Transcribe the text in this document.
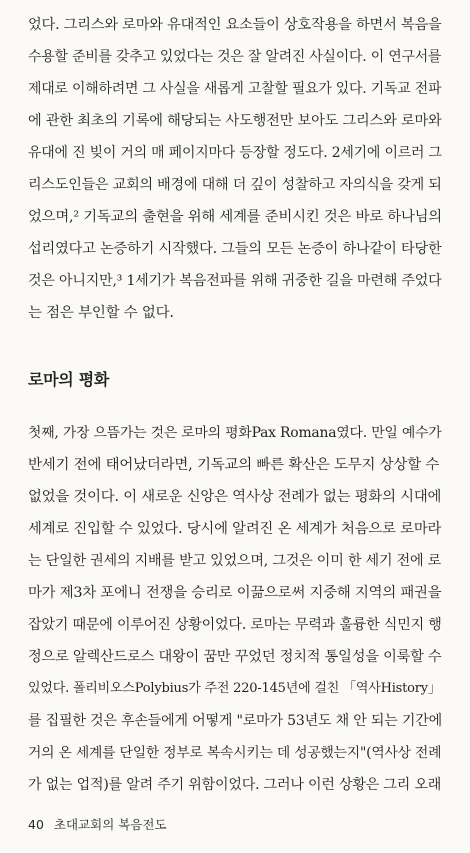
었다. 그리스와 로마와 유대적인 요소들이 상호작용을 하면서 복음을
수용할 준비를 갖추고 있었다는 것은 잘 알려진 사실이다. 이 연구서를
제대로 이해하려면 그 사실을 새롭게 고찰할 필요가 있다. 기독교 전파
에 관한 최초의 기록에 해당되는 사도행전만 보아도 그리스와 로마와
유대에 진 빚이 거의 매 페이지마다 등장할 정도다. 2세기에 이르러 그
리스도인들은 교회의 배경에 대해 더 깊이 성찰하고 자의식을 갖게 되
었으며,² 기독교의 출현을 위해 세계를 준비시킨 것은 바로 하나님의
섭리였다고 논증하기 시작했다. 그들의 모든 논증이 하나같이 타당한
것은 아니지만,³ 1세기가 복음전파를 위해 귀중한 길을 마련해 주었다
는 점은 부인할 수 없다.
로마의 평화
첫째, 가장 으뜸가는 것은 로마의 평화Pax Romana였다. 만일 예수가
반세기 전에 태어났더라면, 기독교의 빠른 확산은 도무지 상상할 수
없었을 것이다. 이 새로운 신앙은 역사상 전례가 없는 평화의 시대에
세계로 진입할 수 있었다. 당시에 알려진 온 세계가 처음으로 로마라
는 단일한 권세의 지배를 받고 있었으며, 그것은 이미 한 세기 전에 로
마가 제3차 포에니 전쟁을 승리로 이끎으로써 지중해 지역의 패권을
잡았기 때문에 이루어진 상황이었다. 로마는 무력과 훌륭한 식민지 행
정으로 알렉산드로스 대왕이 꿈만 꾸었던 정치적 통일성을 이룩할 수
있었다. 폴리비오스Polybius가 주전 220-145년에 걸친 「역사History」
를 집필한 것은 후손들에게 어떻게 "로마가 53년도 채 안 되는 기간에
거의 온 세계를 단일한 정부로 복속시키는 데 성공했는지"(역사상 전례
가 없는 업적)를 알려 주기 위함이었다. 그러나 이런 상황은 그리 오래
40 초대교회의 복음전도
